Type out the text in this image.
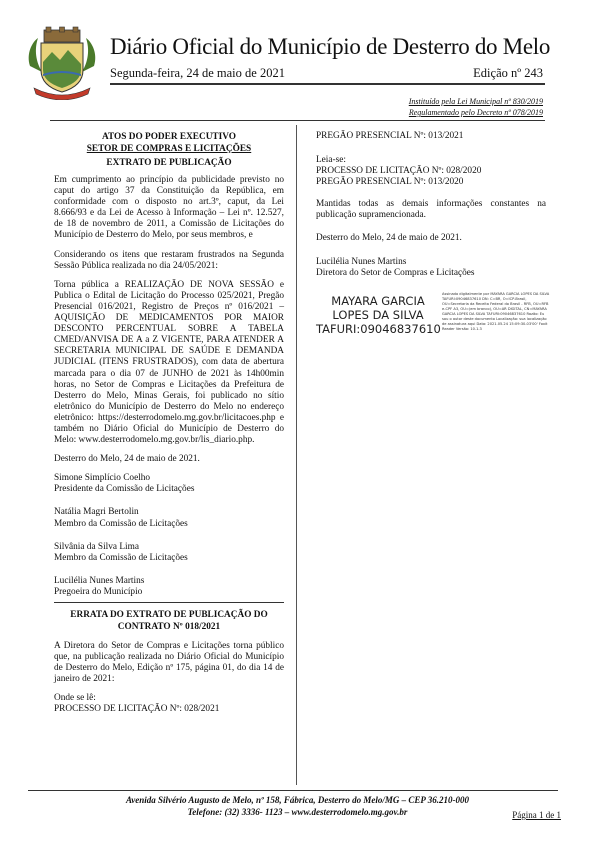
Diário Oficial do Município de Desterro do Melo
Segunda-feira, 24 de maio de 2021	Edição nº 243
Instituído pela Lei Municipal nº 830/2019
Regulamentado pelo Decreto nº 078/2019
ATOS DO PODER EXECUTIVO
SETOR DE COMPRAS E LICITAÇÕES
EXTRATO DE PUBLICAÇÃO

Em cumprimento ao princípio da publicidade previsto no caput do artigo 37 da Constituição da República, em conformidade com o disposto no art.3º, caput, da Lei 8.666/93 e da Lei de Acesso à Informação – Lei nº. 12.527, de 18 de novembro de 2011, a Comissão de Licitações do Município de Desterro do Melo, por seus membros, e

Considerando os itens que restaram frustrados na Segunda Sessão Pública realizada no dia 24/05/2021:

Torna pública a REALIZAÇÃO DE NOVA SESSÃO e Publica o Edital de Licitação do Processo 025/2021, Pregão Presencial 016/2021, Registro de Preços nº 016/2021 – AQUISIÇÃO DE MEDICAMENTOS POR MAIOR DESCONTO PERCENTUAL SOBRE A TABELA CMED/ANVISA DE A a Z VIGENTE, PARA ATENDER A SECRETARIA MUNICIPAL DE SAÚDE E DEMANDA JUDICIAL (ITENS FRUSTRADOS), com data de abertura marcada para o dia 07 de JUNHO de 2021 às 14h00min horas, no Setor de Compras e Licitações da Prefeitura de Desterro do Melo, Minas Gerais, foi publicado no sítio eletrônico do Município de Desterro do Melo no endereço eletrônico: https://desterrodomelo.mg.gov.br/licitacoes.php e também no Diário Oficial do Município de Desterro do Melo: www.desterrodomelo.mg.gov.br/lis_diario.php.

Desterro do Melo, 24 de maio de 2021.

Simone Simplício Coelho

Presidente da Comissão de Licitações

Natália Magri Bertolin

Membro da Comissão de Licitações

Silvânia da Silva Lima

Membro da Comissão de Licitações

Lucilélia Nunes Martins

Pregoeira do Município

ERRATA DO EXTRATO DE PUBLICAÇÃO DO
CONTRATO Nº 018/2021

A Diretora do Setor de Compras e Licitações torna público que, na publicação realizada no Diário Oficial do Município de Desterro do Melo, Edição nº 175, página 01, do dia 14 de janeiro de 2021:

Onde se lê:
PROCESSO DE LICITAÇÃO Nº: 028/2021

PREGÃO PRESENCIAL Nº: 013/2021

Leia-se:
PROCESSO DE LICITAÇÃO Nº: 028/2020

PREGÃO PRESENCIAL Nº: 013/2020

Mantidas todas as demais informações constantes na publicação supramencionada.

Desterro do Melo, 24 de maio de 2021.

Lucilélia Nunes Martins
Diretora do Setor de Compras e Licitações
MAYARA GARCIA
LOPES DA SILVA
TAFURI:09046837610
Assinado digitalmente por MAYARA GARCIA LOPES DA SILVA TAFURI:09046837610 DN: C=BR, O=ICP-Brasil, OU=Secretaria da Receita Federal do Brasil - RFB, OU=RFB e-CPF A3, OU=(em branco), OU=AR DIGITAL, CN=MAYARA GARCIA LOPES DA SILVA TAFURI:09046837610 Razão: Eu sou o autor deste documento Localização: sua localização de assinatura aqui Data: 2021.05.24 15:09:30-03'00' Foxit Reader Versão: 10.1.3
Avenida Silvério Augusto de Melo, nº 158, Fábrica, Desterro do Melo/MG – CEP 36.210-000
Telefone: (32) 3336- 1123 – www.desterrodomelo.mg.gov.br	Página 1 de 1
